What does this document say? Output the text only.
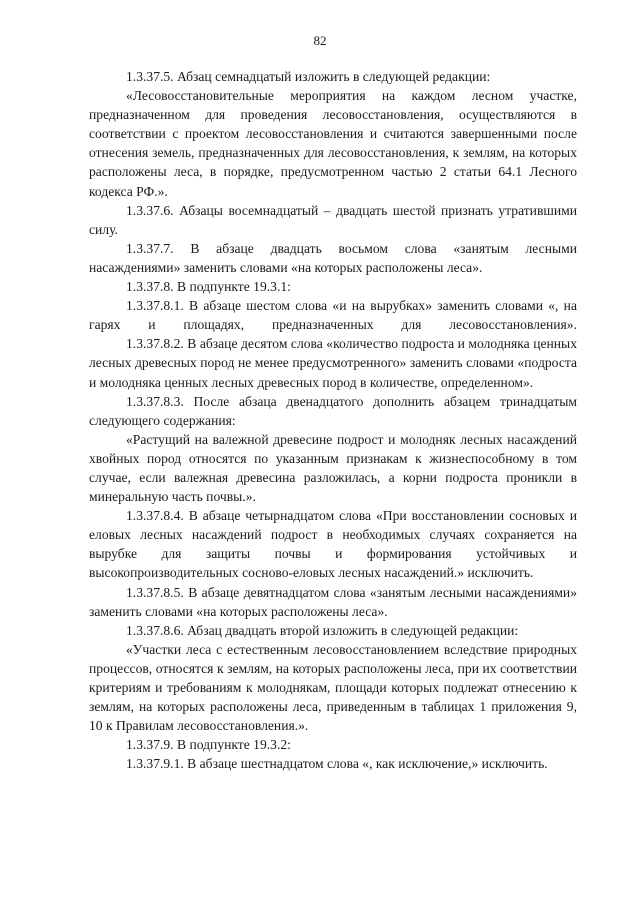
82

1.3.37.5. Абзац семнадцатый изложить в следующей редакции:

«Лесовосстановительные мероприятия на каждом лесном участке, предназначенном для проведения лесовосстановления, осуществляются в соответствии с проектом лесовосстановления и считаются завершенными после отнесения земель, предназначенных для лесовосстановления, к землям, на которых расположены леса, в порядке, предусмотренном частью 2 статьи 64.1 Лесного кодекса РФ.».

1.3.37.6. Абзацы восемнадцатый – двадцать шестой признать утратившими силу.

1.3.37.7. В абзаце двадцать восьмом слова «занятым лесными насаждениями» заменить словами «на которых расположены леса».

1.3.37.8. В подпункте 19.3.1:

1.3.37.8.1. В абзаце шестом слова «и на вырубках» заменить словами «, на гарях и площадях, предназначенных для лесовосстановления».

1.3.37.8.2. В абзаце десятом слова «количество подроста и молодняка ценных лесных древесных пород не менее предусмотренного» заменить словами «подроста и молодняка ценных лесных древесных пород в количестве, определенном».

1.3.37.8.3. После абзаца двенадцатого дополнить абзацем тринадцатым следующего содержания:

«Растущий на валежной древесине подрост и молодняк лесных насаждений хвойных пород относятся по указанным признакам к жизнеспособному в том случае, если валежная древесина разложилась, а корни подроста проникли в минеральную часть почвы.».

1.3.37.8.4. В абзаце четырнадцатом слова «При восстановлении сосновых и еловых лесных насаждений подрост в необходимых случаях сохраняется на вырубке для защиты почвы и формирования устойчивых и высокопроизводительных сосново-еловых лесных насаждений.» исключить.

1.3.37.8.5. В абзаце девятнадцатом слова «занятым лесными насаждениями» заменить словами «на которых расположены леса».

1.3.37.8.6. Абзац двадцать второй изложить в следующей редакции:

«Участки леса с естественным лесовосстановлением вследствие природных процессов, относятся к землям, на которых расположены леса, при их соответствии критериям и требованиям к молоднякам, площади которых подлежат отнесению к землям, на которых расположены леса, приведенным в таблицах 1 приложения 9, 10 к Правилам лесовосстановления.».

1.3.37.9. В подпункте 19.3.2:

1.3.37.9.1. В абзаце шестнадцатом слова «, как исключение,» исключить.
